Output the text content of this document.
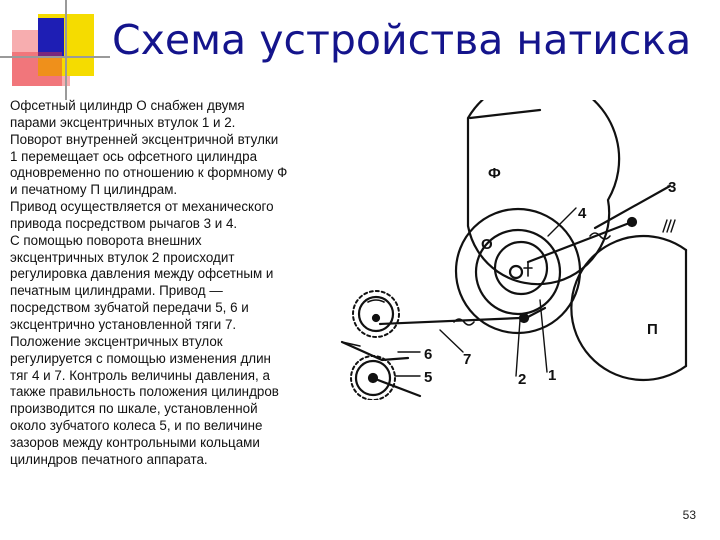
Схема устройства натиска
Офсетный цилиндр О снабжен двумя
парами эксцентричных втулок 1 и 2.
Поворот внутренней эксцентричной втулки
1 перемещает ось офсетного цилиндра
одновременно по отношению к формному Ф
и печатному П цилиндрам.
Привод осуществляется от механического
привода посредством рычагов 3 и 4.
С помощью поворота внешних
эксцентричных втулок 2 происходит
регулировка давления между офсетным и
печатным цилиндрами. Привод —
посредством зубчатой передачи 5, 6 и
эксцентрично установленной тяги 7.
Положение эксцентричных втулок
регулируется с помощью изменения длин
тяг 4 и 7. Контроль величины давления, а
также правильность положения цилиндров
производится по шкале, установленной
около зубчатого колеса 5, и по величине
зазоров между контрольными кольцами
цилиндров печатного аппарата.
Ф
О
П
3
4
6
5
7
2 1
53
